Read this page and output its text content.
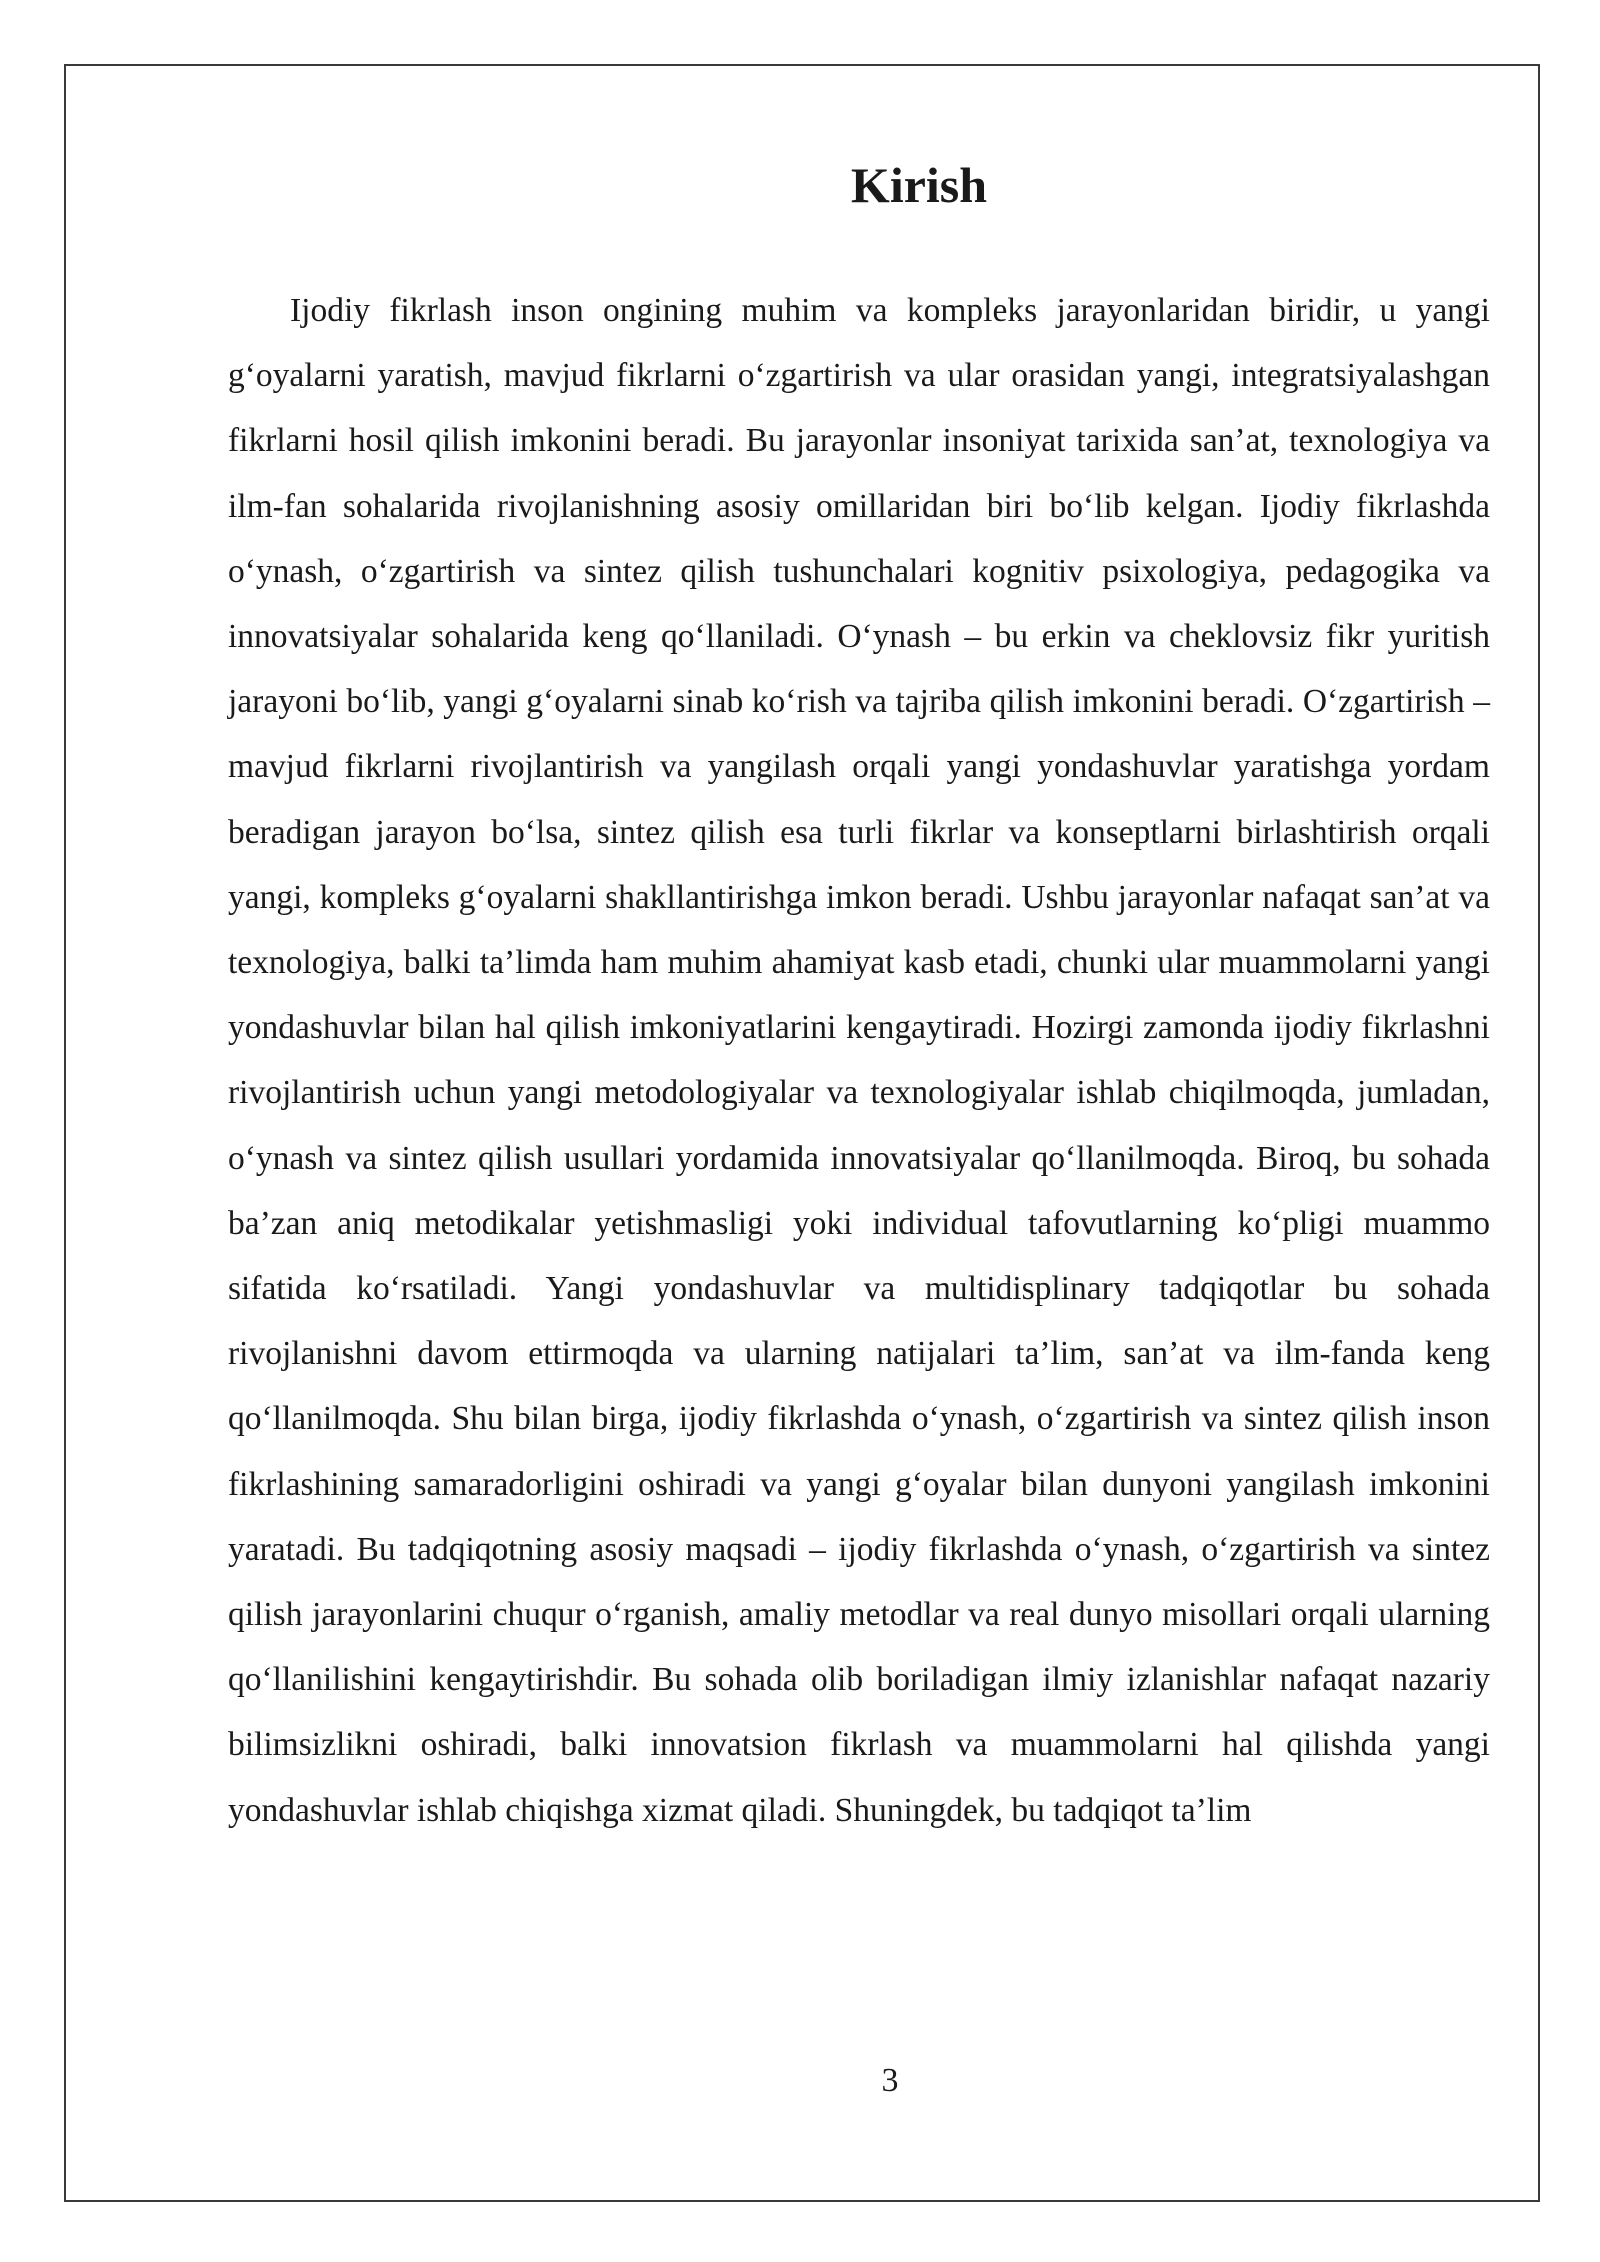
Kirish

Ijodiy fikrlash inson ongining muhim va kompleks jarayonlaridan biridir, u yangi g‘oyalarni yaratish, mavjud fikrlarni o‘zgartirish va ular orasidan yangi, integratsiyalashgan fikrlarni hosil qilish imkonini beradi. Bu jarayonlar insoniyat tarixida san’at, texnologiya va ilm-fan sohalarida rivojlanishning asosiy omillaridan biri bo‘lib kelgan. Ijodiy fikrlashda o‘ynash, o‘zgartirish va sintez qilish tushunchalari kognitiv psixologiya, pedagogika va innovatsiyalar sohalarida keng qo‘llaniladi. O‘ynash – bu erkin va cheklovsiz fikr yuritish jarayoni bo‘lib, yangi g‘oyalarni sinab ko‘rish va tajriba qilish imkonini beradi. O‘zgartirish – mavjud fikrlarni rivojlantirish va yangilash orqali yangi yondashuvlar yaratishga yordam beradigan jarayon bo‘lsa, sintez qilish esa turli fikrlar va konseptlarni birlashtirish orqali yangi, kompleks g‘oyalarni shakllantirishga imkon beradi. Ushbu jarayonlar nafaqat san’at va texnologiya, balki ta’limda ham muhim ahamiyat kasb etadi, chunki ular muammolarni yangi yondashuvlar bilan hal qilish imkoniyatlarini kengaytiradi. Hozirgi zamonda ijodiy fikrlashni rivojlantirish uchun yangi metodologiyalar va texnologiyalar ishlab chiqilmoqda, jumladan, o‘ynash va sintez qilish usullari yordamida innovatsiyalar qo‘llanilmoqda. Biroq, bu sohada ba’zan aniq metodikalar yetishmasligi yoki individual tafovutlarning ko‘pligi muammo sifatida ko‘rsatiladi. Yangi yondashuvlar va multidisplinary tadqiqotlar bu sohada rivojlanishni davom ettirmoqda va ularning natijalari ta’lim, san’at va ilm-fanda keng qo‘llanilmoqda. Shu bilan birga, ijodiy fikrlashda o‘ynash, o‘zgartirish va sintez qilish inson fikrlashining samaradorligini oshiradi va yangi g‘oyalar bilan dunyoni yangilash imkonini yaratadi. Bu tadqiqotning asosiy maqsadi – ijodiy fikrlashda o‘ynash, o‘zgartirish va sintez qilish jarayonlarini chuqur o‘rganish, amaliy metodlar va real dunyo misollari orqali ularning qo‘llanilishini kengaytirishdir. Bu sohada olib boriladigan ilmiy izlanishlar nafaqat nazariy bilimsizlikni oshiradi, balki innovatsion fikrlash va muammolarni hal qilishda yangi yondashuvlar ishlab chiqishga xizmat qiladi. Shuningdek, bu tadqiqot ta’lim

3
